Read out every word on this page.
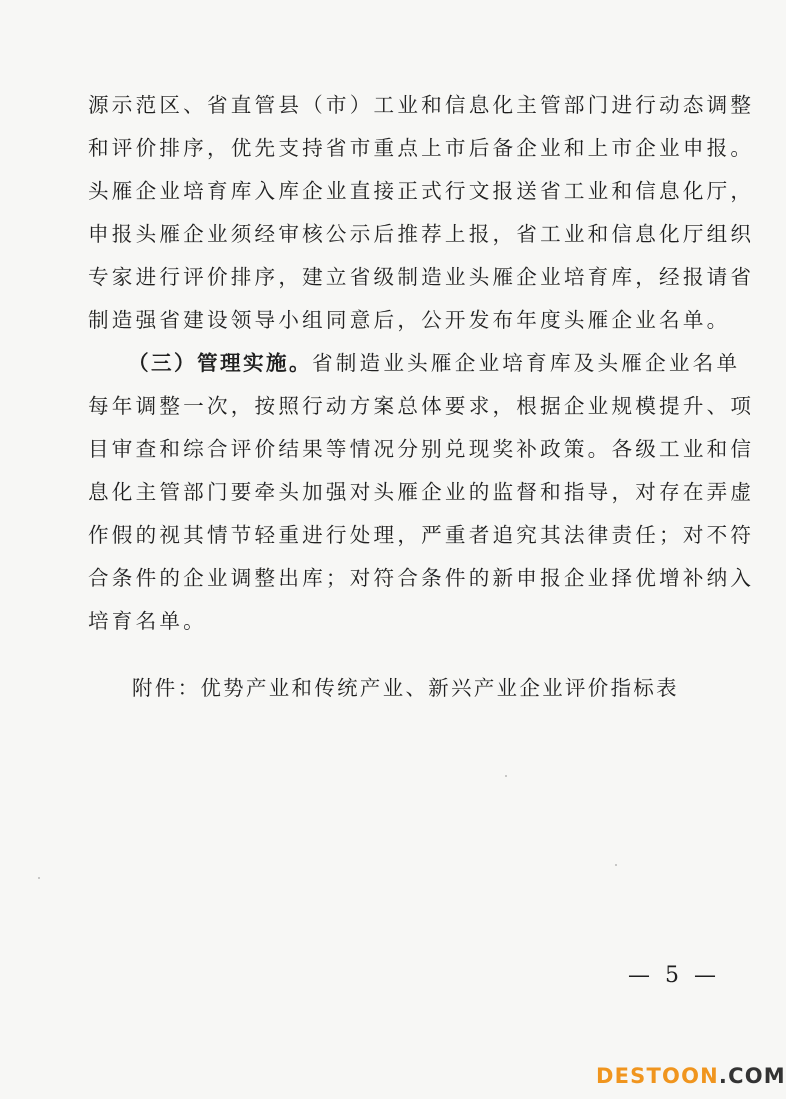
源示范区、省直管县（市）工业和信息化主管部门进行动态调整
和评价排序，优先支持省市重点上市后备企业和上市企业申报。
头雁企业培育库入库企业直接正式行文报送省工业和信息化厅，
申报头雁企业须经审核公示后推荐上报，省工业和信息化厅组织
专家进行评价排序，建立省级制造业头雁企业培育库，经报请省
制造强省建设领导小组同意后，公开发布年度头雁企业名单。
（三）管理实施。省制造业头雁企业培育库及头雁企业名单
每年调整一次，按照行动方案总体要求，根据企业规模提升、项
目审查和综合评价结果等情况分别兑现奖补政策。各级工业和信
息化主管部门要牵头加强对头雁企业的监督和指导，对存在弄虚
作假的视其情节轻重进行处理，严重者追究其法律责任；对不符
合条件的企业调整出库；对符合条件的新申报企业择优增补纳入
培育名单。
附件：优势产业和传统产业、新兴产业企业评价指标表
— 5 —
DESTOON.COM
